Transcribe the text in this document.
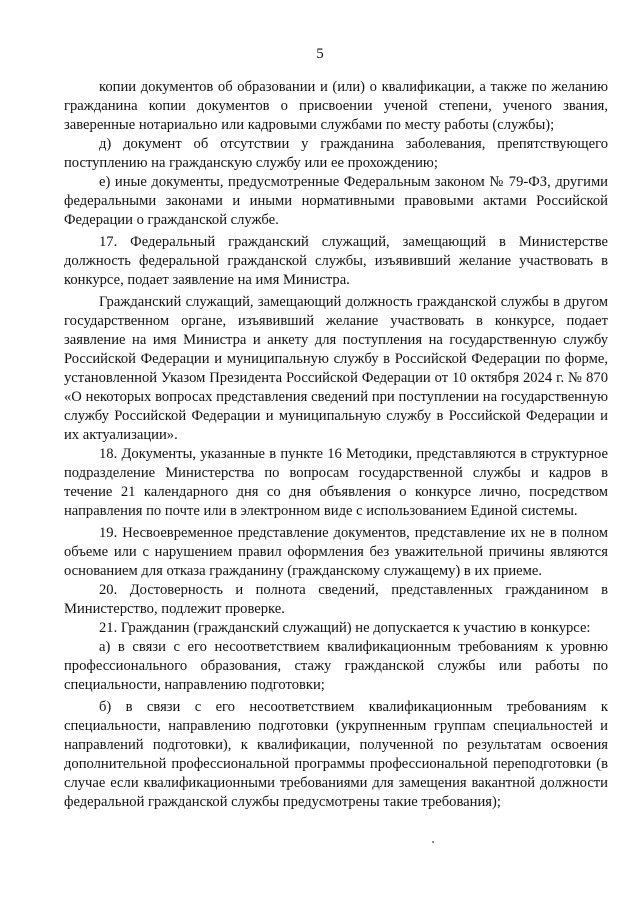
5

копии документов об образовании и (или) о квалификации, а также по желанию гражданина копии документов о присвоении ученой степени, ученого звания, заверенные нотариально или кадровыми службами по месту работы (службы);

д) документ об отсутствии у гражданина заболевания, препятствующего поступлению на гражданскую службу или ее прохождению;

е) иные документы, предусмотренные Федеральным законом № 79-ФЗ, другими федеральными законами и иными нормативными правовыми актами Российской Федерации о гражданской службе.

17. Федеральный гражданский служащий, замещающий в Министерстве должность федеральной гражданской службы, изъявивший желание участвовать в конкурсе, подает заявление на имя Министра.

Гражданский служащий, замещающий должность гражданской службы в другом государственном органе, изъявивший желание участвовать в конкурсе, подает заявление на имя Министра и анкету для поступления на государственную службу Российской Федерации и муниципальную службу в Российской Федерации по форме, установленной Указом Президента Российской Федерации от 10 октября 2024 г. № 870 «О некоторых вопросах представления сведений при поступлении на государственную службу Российской Федерации и муниципальную службу в Российской Федерации и их актуализации».

18. Документы, указанные в пункте 16 Методики, представляются в структурное подразделение Министерства по вопросам государственной службы и кадров в течение 21 календарного дня со дня объявления о конкурсе лично, посредством направления по почте или в электронном виде с использованием Единой системы.

19. Несвоевременное представление документов, представление их не в полном объеме или с нарушением правил оформления без уважительной причины являются основанием для отказа гражданину (гражданскому служащему) в их приеме.

20. Достоверность и полнота сведений, представленных гражданином в Министерство, подлежит проверке.

21. Гражданин (гражданский служащий) не допускается к участию в конкурсе:

а) в связи с его несоответствием квалификационным требованиям к уровню профессионального образования, стажу гражданской службы или работы по специальности, направлению подготовки;

б) в связи с его несоответствием квалификационным требованиям к специальности, направлению подготовки (укрупненным группам специальностей и направлений подготовки), к квалификации, полученной по результатам освоения дополнительной профессиональной программы профессиональной переподготовки (в случае если квалификационными требованиями для замещения вакантной должности федеральной гражданской службы предусмотрены такие требования);
